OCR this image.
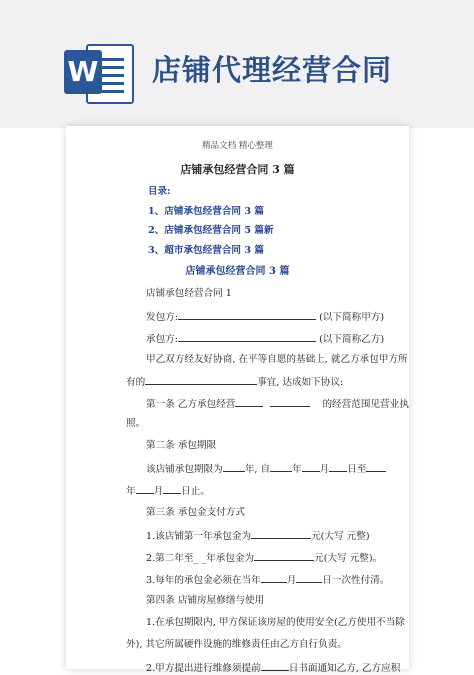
W 店铺代理经营合同
精品文档 精心整理
店铺承包经营合同 3 篇
目录:
1、店铺承包经营合同 3 篇
2、店铺承包经营合同 5 篇新
3、超市承包经营合同 3 篇
店铺承包经营合同 3 篇
店铺承包经营合同 1
发包方:	(以下简称甲方)
承包方:	(以下简称乙方)
甲乙双方经友好协商, 在平等自愿的基础上, 就乙方承包甲方所
有的	事宜, 达成如下协议:
第一条 乙方承包经营	的经营范围见营业执
照。
第二条 承包期限
该店铺承包期限为 年, 自 年 月 日至
年 月 日止。
第三条 承包金支付方式
1.该店铺第一年承包金为	元(大写 元整)
2.第二年至_ _年承包金为	元(大写 元整)。
3.每年的承包金必须在当年	月	日一次性付清。
第四条 店铺房屋修缮与使用
1.在承包期限内, 甲方保证该房屋的使用安全(乙方使用不当除
外), 其它所属硬件设施的维修责任由乙方自行负责。
2.甲方提出进行维修须提前	日书面通知乙方, 乙方应积
